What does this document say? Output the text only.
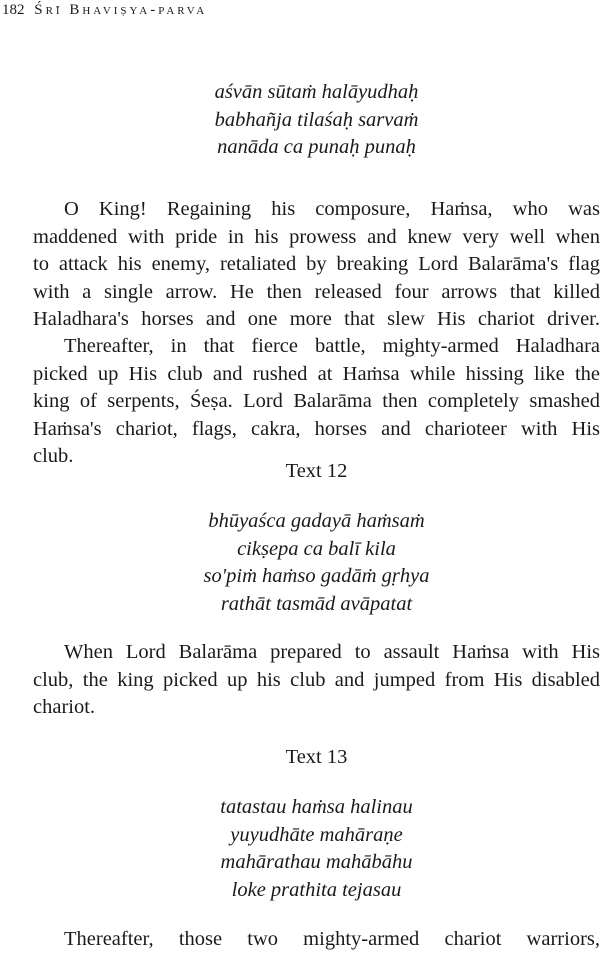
182 Śrī Bhaviṣya-parva
aśvān sūtaṁ halāyudhaḥ
babhañja tilaśaḥ sarvaṁ
nanāda ca punaḥ punaḥ
O King! Regaining his composure, Haṁsa, who was
maddened with pride in his prowess and knew very well when
to attack his enemy, retaliated by breaking Lord Balarāma's flag
with a single arrow. He then released four arrows that killed
Haladhara's horses and one more that slew His chariot driver.
Thereafter, in that fierce battle, mighty-armed Haladhara
picked up His club and rushed at Haṁsa while hissing like the
king of serpents, Śeṣa. Lord Balarāma then completely smashed
Haṁsa's chariot, flags, cakra, horses and charioteer with His
club.
Text 12
bhūyaśca gadayā haṁsaṁ
cikṣepa ca balī kila
so'piṁ haṁso gadāṁ gṛhya
rathāt tasmād avāpatat
When Lord Balarāma prepared to assault Haṁsa with His
club, the king picked up his club and jumped from His disabled
chariot.
Text 13
tatastau haṁsa halinau
yuyudhāte mahāraṇe
mahārathau mahābāhu
loke prathita tejasau
Thereafter, those two mighty-armed chariot warriors,
